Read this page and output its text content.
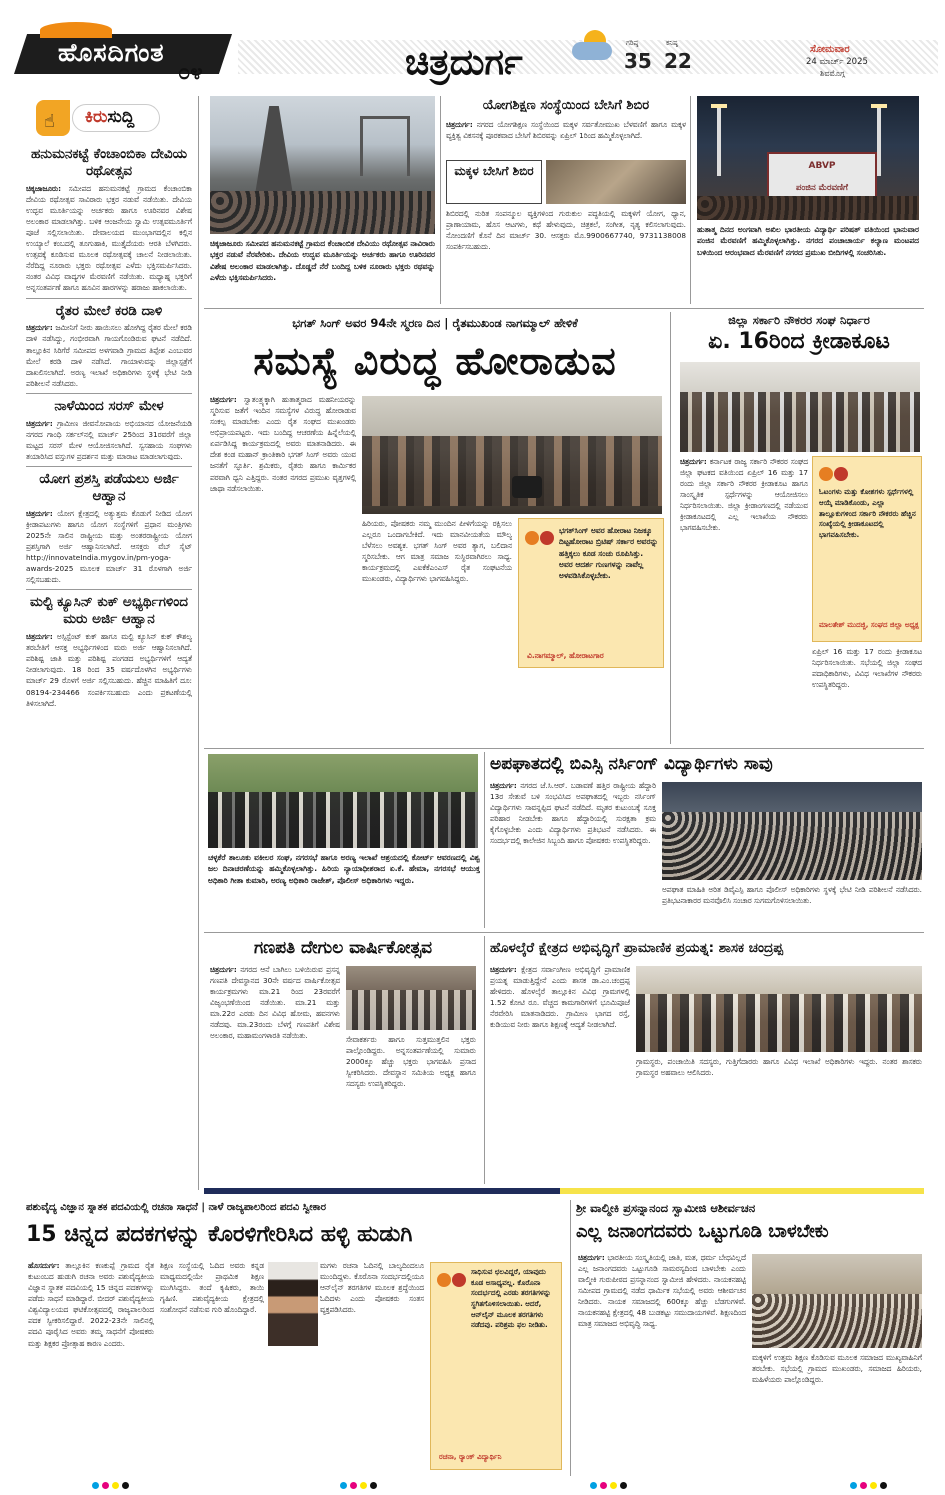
ಹೊಸದಿಗಂತ
೦೪	ಚಿತ್ರದುರ್ಗ	ಗರಿಷ್ಠ
35
ಕನಿಷ್ಠ
22	ಸೋಮವಾರ
24 ಮಾರ್ಚ್ 2025
ಶಿವಮೊಗ್ಗ
☝	ಕಿರುಸುದ್ದಿ
ಹನುಮನಕಟ್ಟೆ ಕೆಂಚಾಂಬಿಕಾ ದೇವಿಯ ರಥೋತ್ಸವ
ಚಿಕ್ಕಜಾಜೂರು: ಸಮೀಪದ ಹನುಮನಕಟ್ಟೆ ಗ್ರಾಮದ ಕೆಂಚಾಂಬಿಕಾ ದೇವಿಯ ರಥೋತ್ಸವ ಸಾವಿರಾರು ಭಕ್ತರ ನಡುವೆ ನಡೆಯಿತು. ದೇವಿಯ ಉದ್ಭವ ಮೂರ್ತಿಯನ್ನು ಅರ್ಚಕರು ಹಾಗೂ ಊರಿನವರ ವಿಶೇಷ ಅಲಂಕಾರ ಮಾಡಲಾಗಿತ್ತು. ಬಳಿಕ ಆಂಜನೇಯ ಸ್ವಾಮಿ ಉತ್ಸವಮೂರ್ತಿಗೆ ಪೂಜೆ ಸಲ್ಲಿಸಲಾಯಿತು. ದೇವಾಲಯದ ಮುಂಭಾಗದಲ್ಲಿನ ಕಲ್ಲಿನ ಉಯ್ಯಾಲೆ ಕಂಬದಲ್ಲಿ ತೂಗುಹಾಕಿ, ಮುತ್ತೈದೆಯರು ಆರತಿ ಬೆಳಗಿದರು. ಉತ್ಸವಕ್ಕೆ ಕೂಡಿಸುವ ಮೂಲಕ ರಥೋತ್ಸವಕ್ಕೆ ಚಾಲನೆ ನೀಡಲಾಯಿತು. ನೆರೆದಿದ್ದ ನೂರಾರು ಭಕ್ತರು ರಥೋತ್ಸವ ಎಳೆದು ಭಕ್ತಿಸಮರ್ಪಿಸಿದರು. ನಂತರ ವಿವಿಧ ವಾದ್ಯಗಳ ಮೆರವಣಿಗೆ ನಡೆಯಿತು. ಮಧ್ಯಾಹ್ನ ಭಕ್ತರಿಗೆ ಅನ್ನಸಂತರ್ಪಣೆ ಹಾಗೂ ಹೂವಿನ ಹಾರಗಳನ್ನು ಹರಾಜು ಹಾಕಲಾಯಿತು.
ರೈತರ ಮೇಲೆ ಕರಡಿ ದಾಳಿ
ಚಿತ್ರದುರ್ಗ: ಜಮೀನಿಗೆ ನೀರು ಹಾಯಿಸಲು ಹೋಗಿದ್ದ ರೈತರ ಮೇಲೆ ಕರಡಿ ದಾಳಿ ನಡೆಸಿದ್ದು, ಗಂಭೀರವಾಗಿ ಗಾಯಗೊಂಡಿರುವ ಘಟನೆ ನಡೆದಿದೆ. ತಾಲ್ಲೂಕಿನ ಸಿರಿಗೆರೆ ಸಮೀಪದ ಅಳಗವಾಡಿ ಗ್ರಾಮದ ತಿಪ್ಪೇಶ ಎಂಬುವರ ಮೇಲೆ ಕರಡಿ ದಾಳಿ ನಡೆಸಿದೆ. ಗಾಯಾಳುವನ್ನು ಜಿಲ್ಲಾಸ್ಪತ್ರೆಗೆ ದಾಖಲಿಸಲಾಗಿದೆ. ಅರಣ್ಯ ಇಲಾಖೆ ಅಧಿಕಾರಿಗಳು ಸ್ಥಳಕ್ಕೆ ಭೇಟಿ ನೀಡಿ ಪರಿಶೀಲನೆ ನಡೆಸಿದರು.
ನಾಳೆಯಿಂದ ಸರಸ್ ಮೇಳ
ಚಿತ್ರದುರ್ಗ: ಗ್ರಾಮೀಣ ಜೀವನೋಪಾಯ ಅಭಿಯಾನದ ಯೋಜನೆಯಡಿ ನಗರದ ಗಾಂಧಿ ಸರ್ಕಲ್‌ನಲ್ಲಿ ಮಾರ್ಚ್ 25ರಿಂದ 31ರವರೆಗೆ ಜಿಲ್ಲಾ ಮಟ್ಟದ ಸರಸ್ ಮೇಳ ಆಯೋಜಿಸಲಾಗಿದೆ. ಸ್ವಸಹಾಯ ಸಂಘಗಳು ತಯಾರಿಸಿದ ವಸ್ತುಗಳ ಪ್ರದರ್ಶನ ಮತ್ತು ಮಾರಾಟ ಮಾಡಲಾಗುವುದು.
ಯೋಗ ಪ್ರಶಸ್ತಿ ಪಡೆಯಲು ಅರ್ಜಿ ಆಹ್ವಾನ
ಚಿತ್ರದುರ್ಗ: ಯೋಗ ಕ್ಷೇತ್ರದಲ್ಲಿ ಅತ್ಯುತ್ತಮ ಕೊಡುಗೆ ನೀಡಿದ ಯೋಗ ಕ್ರೀಡಾಪಟುಗಳು ಹಾಗೂ ಯೋಗ ಸಂಸ್ಥೆಗಳಿಗೆ ಪ್ರಧಾನ ಮಂತ್ರಿಗಳು 2025ನೇ ಸಾಲಿನ ರಾಷ್ಟ್ರೀಯ ಮತ್ತು ಅಂತರರಾಷ್ಟ್ರೀಯ ಯೋಗ ಪ್ರಶಸ್ತಿಗಾಗಿ ಅರ್ಜಿ ಆಹ್ವಾನಿಸಲಾಗಿದೆ. ಆಸಕ್ತರು ವೆಬ್ ಸೈಟ್ http://innovateIndia.mygov.in/pm-yoga-awards-2025 ಮೂಲಕ ಮಾರ್ಚ್ 31 ರೊಳಗಾಗಿ ಅರ್ಜಿ ಸಲ್ಲಿಸಬಹುದು.
ಮಲ್ಟಿ ಕ್ಯೂಸಿನ್ ಕುಕ್ ಅಭ್ಯರ್ಥಿಗಳಿಂದ ಮರು ಅರ್ಜಿ ಆಹ್ವಾನ
ಚಿತ್ರದುರ್ಗ: ಅಸ್ಸಿಸ್ಟೆಂಟ್ ಕುಕ್ ಹಾಗೂ ಮಲ್ಟಿ ಕ್ಯೂಸಿನ್ ಕುಕ್ ಕೌಶಲ್ಯ ತರಬೇತಿಗೆ ಆಸಕ್ತ ಅಭ್ಯರ್ಥಿಗಳಿಂದ ಮರು ಅರ್ಜಿ ಆಹ್ವಾನಿಸಲಾಗಿದೆ. ಪರಿಶಿಷ್ಟ ಜಾತಿ ಮತ್ತು ಪರಿಶಿಷ್ಟ ಪಂಗಡದ ಅಭ್ಯರ್ಥಿಗಳಿಗೆ ಆದ್ಯತೆ ನೀಡಲಾಗುವುದು. 18 ರಿಂದ 35 ವರ್ಷದೊಳಗಿನ ಅಭ್ಯರ್ಥಿಗಳು ಮಾರ್ಚ್ 29 ರೊಳಗೆ ಅರ್ಜಿ ಸಲ್ಲಿಸಬಹುದು. ಹೆಚ್ಚಿನ ಮಾಹಿತಿಗೆ ದೂ: 08194-234466 ಸಂಪರ್ಕಿಸಬಹುದು ಎಂದು ಪ್ರಕಟಣೆಯಲ್ಲಿ ತಿಳಿಸಲಾಗಿದೆ.
ಚಿಕ್ಕಜಾಜೂರು ಸಮೀಪದ ಹನುಮನಕಟ್ಟೆ ಗ್ರಾಮದ ಕೆಂಚಾಂಬಿಕ ದೇವಿಯು ರಥೋತ್ಸವ ನಾವಿರಾರು ಭಕ್ತರ ನಡುವೆ ನೆರವೇರಿತು. ದೇವಿಯ ಉದ್ಭವ ಮೂರ್ತಿಯನ್ನು ಅರ್ಚಕರು ಹಾಗೂ ಊರಿನವರ ವಿಶೇಷ ಅಲಂಕಾರ ಮಾಡಲಾಗಿತ್ತು. ದೊಡ್ಡದೆ ನೆರೆ ಬಂದಿದ್ದ ಬಳಿಕ ನೂರಾರು ಭಕ್ತರು ರಥವನ್ನು ಎಳೆದು ಭಕ್ತಿಸಮರ್ಪಿಸಿದರು.
ಯೋಗಶಿಕ್ಷಣ ಸಂಸ್ಥೆಯಿಂದ ಬೇಸಿಗೆ ಶಿಬಿರ
ಚಿತ್ರದುರ್ಗ: ನಗರದ ಯೋಗಶಿಕ್ಷಣ ಸಂಸ್ಥೆಯಿಂದ ಮಕ್ಕಳ ಸರ್ವತೋಮುಖ ಬೆಳವಣಿಗೆ ಹಾಗೂ ಮಕ್ಕಳ ವ್ಯಕ್ತಿತ್ವ ವಿಕಸನಕ್ಕೆ ಪೂರಕವಾದ ಬೇಸಿಗೆ ಶಿಬಿರವನ್ನು ಏಪ್ರಿಲ್ 1ರಿಂದ ಹಮ್ಮಿಕೊಳ್ಳಲಾಗಿದೆ.
ಮಕ್ಕಳ ಬೇಸಿಗೆ ಶಿಬಿರ
ಶಿಬಿರದಲ್ಲಿ ನುರಿತ ಸಂಪನ್ಮೂಲ ವ್ಯಕ್ತಿಗಳಿಂದ ಗುರುಕುಲ ಪದ್ಧತಿಯಲ್ಲಿ ಮಕ್ಕಳಿಗೆ ಯೋಗ, ಧ್ಯಾನ, ಪ್ರಾಣಾಯಾಮ, ಹೊಸ ಆಟಗಳು, ಕಥೆ ಹೇಳುವುದು, ಚಿತ್ರಕಲೆ, ಸಂಗೀತ, ನೃತ್ಯ ಕಲಿಸಲಾಗುವುದು. ನೋಂದಣಿಗೆ ಕೊನೆ ದಿನ ಮಾರ್ಚ್ 30. ಆಸಕ್ತರು ಮೊ.9900667740, 9731138008 ಸಂಪರ್ಕಿಸಬಹುದು.
ABVP
ಪಂಜಿನ ಮೆರವಣಿಗೆ
ಹುತಾತ್ಮ ದಿನದ ಅಂಗವಾಗಿ ಅಖಿಲ ಭಾರತೀಯ ವಿದ್ಯಾರ್ಥಿ ಪರಿಷತ್ ವತಿಯಿಂದ ಭಾನುವಾರ ಪಂಜಿನ ಮೆರವಣಿಗೆ ಹಮ್ಮಿಕೊಳ್ಳಲಾಗಿತ್ತು. ನಗರದ ಪಂಚಾಚಾರ್ಯ ಕಲ್ಯಾಣ ಮಂಟಪದ ಬಳಿಯಿಂದ ಆರಂಭವಾದ ಮೆರವಣಿಗೆ ನಗರದ ಪ್ರಮುಖ ಬೀದಿಗಳಲ್ಲಿ ಸಂಚರಿಸಿತು.
ಭಗತ್ ಸಿಂಗ್ ಅವರ 94ನೇ ಸ್ಮರಣ ದಿನ | ರೈತಮುಖಂಡ ನಾಗಮ್ಮಾಲ್ ಹೇಳಿಕೆ
ಸಮಸ್ಯೆ ವಿರುದ್ಧ ಹೋರಾಡುವ
ಚಿತ್ರದುರ್ಗ: ಸ್ವಾತಂತ್ರ್ಯಕ್ಕಾಗಿ ಹುತಾತ್ಮರಾದ ಮಹನೀಯರನ್ನು ಸ್ಮರಿಸುವ ಜತೆಗೆ ಇಂದಿನ ಸಮಸ್ಯೆಗಳ ವಿರುದ್ಧ ಹೋರಾಡುವ ಸಂಕಲ್ಪ ಮಾಡಬೇಕು ಎಂದು ರೈತ ಸಂಘದ ಮುಖಂಡರು ಅಭಿಪ್ರಾಯಪಟ್ಟರು. ಇದು ಬಂದಿದ್ದ ಆಚರಣೆಯ ಹಿನ್ನೆಲೆಯಲ್ಲಿ ಏರ್ಪಡಿಸಿದ್ದ ಕಾರ್ಯಕ್ರಮದಲ್ಲಿ ಅವರು ಮಾತನಾಡಿದರು. ಈ ದೇಶ ಕಂಡ ಮಹಾನ್ ಕ್ರಾಂತಿಕಾರಿ ಭಗತ್ ಸಿಂಗ್ ಅವರು ಯುವ ಜನತೆಗೆ ಸ್ಫೂರ್ತಿ. ಶ್ರಮಿಕರು, ರೈತರು ಹಾಗೂ ಕಾರ್ಮಿಕರ ಪರವಾಗಿ ಧ್ವನಿ ಎತ್ತಿದ್ದರು. ನಂತರ ನಗರದ ಪ್ರಮುಖ ವೃತ್ತಗಳಲ್ಲಿ ಜಾಥಾ ನಡೆಸಲಾಯಿತು.
ಹಿರಿಯರು, ಪೋಷಕರು ನಮ್ಮ ಮುಂದಿನ ಪೀಳಿಗೆಯನ್ನು ರಕ್ಷಿಸಲು ಎಲ್ಲರೂ ಒಂದಾಗಬೇಕಿದೆ. ಇದು ಮಾನವೀಯತೆಯ ಮೌಲ್ಯ ಬೆಳೆಸಲು ಅವಶ್ಯಕ. ಭಗತ್ ಸಿಂಗ್ ಅವರ ತ್ಯಾಗ, ಬಲಿದಾನ ಸ್ಮರಿಸಬೇಕು. ಆಗ ಮಾತ್ರ ಸಮಾಜ ಸುಸ್ಥಿರವಾಗಿರಲು ಸಾಧ್ಯ. ಕಾರ್ಯಕ್ರಮದಲ್ಲಿ ಎಐಕೆಕೆಎಂಎಸ್ ರೈತ ಸಂಘಟನೆಯ ಮುಖಂಡರು, ವಿದ್ಯಾರ್ಥಿಗಳು ಭಾಗವಹಿಸಿದ್ದರು.
ಭಗತ್‌ಸಿಂಗ್ ಅವರ ಹೋರಾಟ ನಿಜಕ್ಕೂ ದಿಟ್ಟಹೋರಾಟ ಬ್ರಿಟಿಷ್ ಸರ್ಕಾರ ಅವರನ್ನು ಹತ್ತಿಕ್ಕಲು ಕೂಡ ಸಂಚು ರೂಪಿಸಿತ್ತು. ಅವರ ಆದರ್ಶ ಗುಣಗಳನ್ನು ನಾವೆಲ್ಲ ಅಳವಡಿಸಿಕೊಳ್ಳಬೇಕು.
ವಿ.ನಾಗಮ್ಮಾಲ್, ಹೋರಾಟಗಾರ
ಜಿಲ್ಲಾ ಸರ್ಕಾರಿ ನೌಕರರ ಸಂಘ ನಿರ್ಧಾರ
ಏ. 16ರಿಂದ ಕ್ರೀಡಾಕೂಟ
ಚಿತ್ರದುರ್ಗ: ಕರ್ನಾಟಕ ರಾಜ್ಯ ಸರ್ಕಾರಿ ನೌಕರರ ಸಂಘದ ಜಿಲ್ಲಾ ಘಟಕದ ವತಿಯಿಂದ ಏಪ್ರಿಲ್ 16 ಮತ್ತು 17 ರಂದು ಜಿಲ್ಲಾ ಸರ್ಕಾರಿ ನೌಕರರ ಕ್ರೀಡಾಕೂಟ ಹಾಗೂ ಸಾಂಸ್ಕೃತಿಕ ಸ್ಪರ್ಧೆಗಳನ್ನು ಆಯೋಜಿಸಲು ನಿರ್ಧರಿಸಲಾಯಿತು. ಜಿಲ್ಲಾ ಕ್ರೀಡಾಂಗಣದಲ್ಲಿ ನಡೆಯುವ ಕ್ರೀಡಾಕೂಟದಲ್ಲಿ ಎಲ್ಲ ಇಲಾಖೆಯ ನೌಕರರು ಭಾಗವಹಿಸಬೇಕು.
ಓಟಂಗಳು ಮತ್ತು ಕೋಶಗಳು ಸ್ಪರ್ಧೆಗಳಲ್ಲಿ ಆಯ್ಕೆ ಮಾಡಿಕೊಂಡು, ಎಲ್ಲಾ ತಾಲ್ಲೂಕುಗಳಿಂದ ಸರ್ಕಾರಿ ನೌಕರರು ಹೆಚ್ಚಿನ ಸಂಖ್ಯೆಯಲ್ಲಿ ಕ್ರೀಡಾಕೂಟದಲ್ಲಿ ಭಾಗವಹಿಸಬೇಕು.
ಮಾಲತೇಶ್ ಮುದಜ್ಜಿ, ಸಂಘದ ಜಿಲ್ಲಾ ಅಧ್ಯಕ್ಷ
ಏಪ್ರಿಲ್ 16 ಮತ್ತು 17 ರಂದು ಕ್ರೀಡಾಕೂಟ ನಿರ್ಧರಿಸಲಾಯಿತು. ಸಭೆಯಲ್ಲಿ ಜಿಲ್ಲಾ ಸಂಘದ ಪದಾಧಿಕಾರಿಗಳು, ವಿವಿಧ ಇಲಾಖೆಗಳ ನೌಕರರು ಉಪಸ್ಥಿತರಿದ್ದರು.
ಚಳ್ಳಕೆರೆ ತಾಲೂಕು ವಕೀಲರ ಸಂಘ, ನಗರಸಭೆ ಹಾಗೂ ಅರಣ್ಯ ಇಲಾಖೆ ಆಶ್ರಯದಲ್ಲಿ ಕೋರ್ಟ್ ಆವರಣದಲ್ಲಿ ವಿಶ್ವ ಜಲ ದಿನಾಚರಣೆಯನ್ನು ಹಮ್ಮಿಕೊಳ್ಳಲಾಗಿತ್ತು. ಹಿರಿಯ ನ್ಯಾಯಾಧೀಶರಾದ ಏ.ಕೆ. ಹೇಮಾ, ನಗರಸಭೆ ಆಯುಕ್ತ ಅಧಿಕಾರಿ ಗೀತಾ ಕುಮಾರಿ, ಅರಣ್ಯ ಅಧಿಕಾರಿ ರಾಜೇಶ್, ಪೊಲೀಸ್ ಅಧಿಕಾರಿಗಳು ಇದ್ದರು.
ಅಪಘಾತದಲ್ಲಿ ಬಿಎಸ್ಸಿ ನರ್ಸಿಂಗ್ ವಿದ್ಯಾರ್ಥಿಗಳು ಸಾವು
ಚಿತ್ರದುರ್ಗ: ನಗರದ ಜೆ.ಸಿ.ಆರ್. ಬಡಾವಣೆ ಹತ್ತಿರ ರಾಷ್ಟ್ರೀಯ ಹೆದ್ದಾರಿ 13ರ ಸೇತುವೆ ಬಳಿ ಸಂಭವಿಸಿದ ಅಪಘಾತದಲ್ಲಿ ಇಬ್ಬರು ನರ್ಸಿಂಗ್ ವಿದ್ಯಾರ್ಥಿಗಳು ಸಾವನ್ನಪ್ಪಿದ ಘಟನೆ ನಡೆದಿದೆ. ಮೃತರ ಕುಟುಂಬಕ್ಕೆ ಸೂಕ್ತ ಪರಿಹಾರ ನೀಡಬೇಕು ಹಾಗೂ ಹೆದ್ದಾರಿಯಲ್ಲಿ ಸುರಕ್ಷತಾ ಕ್ರಮ ಕೈಗೊಳ್ಳಬೇಕು ಎಂದು ವಿದ್ಯಾರ್ಥಿಗಳು ಪ್ರತಿಭಟನೆ ನಡೆಸಿದರು. ಈ ಸಂದರ್ಭದಲ್ಲಿ ಕಾಲೇಜಿನ ಸಿಬ್ಬಂದಿ ಹಾಗೂ ಪೋಷಕರು ಉಪಸ್ಥಿತರಿದ್ದರು.
ಅಪಘಾತ ಮಾಹಿತಿ ಅರಿತ ಡಿವೈಎಸ್ಪಿ ಹಾಗೂ ಪೊಲೀಸ್ ಅಧಿಕಾರಿಗಳು ಸ್ಥಳಕ್ಕೆ ಭೇಟಿ ನೀಡಿ ಪರಿಶೀಲನೆ ನಡೆಸಿದರು. ಪ್ರತಿಭಟನಾಕಾರರ ಮನವೊಲಿಸಿ ಸಂಚಾರ ಸುಗಮಗೊಳಿಸಲಾಯಿತು.
ಗಣಪತಿ ದೇಗುಲ ವಾರ್ಷಿಕೋತ್ಸವ
ಚಿತ್ರದುರ್ಗ: ನಗರದ ಆನೆ ಬಾಗಿಲು ಬಳಿಯಿರುವ ಪ್ರಸನ್ನ ಗಣಪತಿ ದೇವಸ್ಥಾನದ 30ನೇ ವರ್ಷದ ವಾರ್ಷಿಕೋತ್ಸವ ಕಾರ್ಯಕ್ರಮಗಳು ಮಾ.21 ರಿಂದ 23ರವರೆಗೆ ವಿಜೃಂಭಣೆಯಿಂದ ನಡೆಯಿತು. ಮಾ.21 ಮತ್ತು ಮಾ.22ರ ಎರಡು ದಿನ ವಿವಿಧ ಹೋಮ, ಹವನಗಳು ನಡೆದವು. ಮಾ.23ರಂದು ಬೆಳಗ್ಗೆ ಗಣಪತಿಗೆ ವಿಶೇಷ ಅಲಂಕಾರ, ಮಹಾಮಂಗಳಾರತಿ ನಡೆಯಿತು.	ಸೇವಾಕರ್ತರು ಹಾಗೂ ಸುತ್ತಮುತ್ತಲಿನ ಭಕ್ತರು ಪಾಲ್ಗೊಂಡಿದ್ದರು. ಅನ್ನಸಂತರ್ಪಣೆಯಲ್ಲಿ ಸುಮಾರು 2000ಕ್ಕೂ ಹೆಚ್ಚು ಭಕ್ತರು ಭಾಗವಹಿಸಿ ಪ್ರಸಾದ ಸ್ವೀಕರಿಸಿದರು. ದೇವಸ್ಥಾನ ಸಮಿತಿಯ ಅಧ್ಯಕ್ಷ ಹಾಗೂ ಸದಸ್ಯರು ಉಪಸ್ಥಿತರಿದ್ದರು.
ಹೊಳಲ್ಕೆರೆ ಕ್ಷೇತ್ರದ ಅಭಿವೃದ್ಧಿಗೆ ಪ್ರಾಮಾಣಿಕ ಪ್ರಯತ್ನ: ಶಾಸಕ ಚಂದ್ರಪ್ಪ
ಚಿತ್ರದುರ್ಗ: ಕ್ಷೇತ್ರದ ಸರ್ವಾಂಗೀಣ ಅಭಿವೃದ್ಧಿಗೆ ಪ್ರಾಮಾಣಿಕ ಪ್ರಯತ್ನ ಮಾಡುತ್ತಿದ್ದೇನೆ ಎಂದು ಶಾಸಕ ಡಾ.ಎಂ.ಚಂದ್ರಪ್ಪ ಹೇಳಿದರು. ಹೊಳಲ್ಕೆರೆ ತಾಲ್ಲೂಕಿನ ವಿವಿಧ ಗ್ರಾಮಗಳಲ್ಲಿ 1.52 ಕೋಟಿ ರೂ. ವೆಚ್ಚದ ಕಾಮಗಾರಿಗಳಿಗೆ ಭೂಮಿಪೂಜೆ ನೆರವೇರಿಸಿ ಮಾತನಾಡಿದರು. ಗ್ರಾಮೀಣ ಭಾಗದ ರಸ್ತೆ, ಕುಡಿಯುವ ನೀರು ಹಾಗೂ ಶಿಕ್ಷಣಕ್ಕೆ ಆದ್ಯತೆ ನೀಡಲಾಗಿದೆ.
ಗ್ರಾಮಸ್ಥರು, ಪಂಚಾಯಿತಿ ಸದಸ್ಯರು, ಗುತ್ತಿಗೆದಾರರು ಹಾಗೂ ವಿವಿಧ ಇಲಾಖೆ ಅಧಿಕಾರಿಗಳು ಇದ್ದರು. ನಂತರ ಶಾಸಕರು ಗ್ರಾಮಸ್ಥರ ಅಹವಾಲು ಆಲಿಸಿದರು.
ಪಶುವೈದ್ಯ ವಿಜ್ಞಾನ ಸ್ನಾತಕ ಪದವಿಯಲ್ಲಿ ರಚನಾ ಸಾಧನೆ | ನಾಳೆ ರಾಜ್ಯಪಾಲರಿಂದ ಪದವಿ ಸ್ವೀಕಾರ
15 ಚಿನ್ನದ ಪದಕಗಳನ್ನು ಕೊರಳಿಗೇರಿಸಿದ ಹಳ್ಳಿ ಹುಡುಗಿ
ಹೊಸದುರ್ಗ: ತಾಲ್ಲೂಕಿನ ಕಣಕುಪ್ಪೆ ಗ್ರಾಮದ ರೈತ ಕುಟುಂಬದ ಹುಡುಗಿ ರಚನಾ ಅವರು ಪಶುವೈದ್ಯಕೀಯ ವಿಜ್ಞಾನ ಸ್ನಾತಕ ಪದವಿಯಲ್ಲಿ 15 ಚಿನ್ನದ ಪದಕಗಳನ್ನು ಪಡೆದು ಸಾಧನೆ ಮಾಡಿದ್ದಾರೆ. ಬೀದರ್ ಪಶುವೈದ್ಯಕೀಯ ವಿಶ್ವವಿದ್ಯಾಲಯದ ಘಟಿಕೋತ್ಸವದಲ್ಲಿ ರಾಜ್ಯಪಾಲರಿಂದ ಪದಕ ಸ್ವೀಕರಿಸಲಿದ್ದಾರೆ. 2022-23ನೇ ಸಾಲಿನಲ್ಲಿ ಪದವಿ ಪೂರೈಸಿದ ಅವರು ತಮ್ಮ ಸಾಧನೆಗೆ ಪೋಷಕರು ಮತ್ತು ಶಿಕ್ಷಕರ ಪ್ರೋತ್ಸಾಹ ಕಾರಣ ಎಂದರು.
ಶಿಕ್ಷಣ ಸಂಸ್ಥೆಯಲ್ಲಿ ಓದಿದ ಅವರು ಕನ್ನಡ ಮಾಧ್ಯಮದಲ್ಲಿಯೇ ಪ್ರಾಥಮಿಕ ಶಿಕ್ಷಣ ಮುಗಿಸಿದ್ದರು. ತಂದೆ ಕೃಷಿಕರು, ತಾಯಿ ಗೃಹಿಣಿ. ಪಶುವೈದ್ಯಕೀಯ ಕ್ಷೇತ್ರದಲ್ಲಿ ಸಂಶೋಧನೆ ನಡೆಸುವ ಗುರಿ ಹೊಂದಿದ್ದಾರೆ.
ಮಗಳು ರಚನಾ ಓದಿನಲ್ಲಿ ಬಾಲ್ಯದಿಂದಲೂ ಮುಂದಿದ್ದಳು. ಕೊರೊನಾ ಸಂದರ್ಭದಲ್ಲಿಯೂ ಆನ್‌ಲೈನ್ ತರಗತಿಗಳ ಮೂಲಕ ಶ್ರದ್ಧೆಯಿಂದ ಓದಿದಳು ಎಂದು ಪೋಷಕರು ಸಂತಸ ವ್ಯಕ್ತಪಡಿಸಿದರು.
ಸಾಧಿಸುವ ಛಲವಿದ್ದರೆ, ಯಾವುದು ಕೂಡ ಅಸಾಧ್ಯವಲ್ಲ. ಕೊರೊನಾ ಸಂದರ್ಭದಲ್ಲಿ ಎರಡು ತರಗತಿಗಳನ್ನು ಸ್ಥಗಿತಗೊಳಿಸಲಾಯಿತು. ಆದರೆ, ಆನ್‌ಲೈನ್ ಮೂಲಕ ತರಗತಿಗಳು ನಡೆದವು. ಪರಿಶ್ರಮ ಫಲ ನೀಡಿತು.
ರಚನಾ, ರ್‍ಯಾಂಕ್ ವಿದ್ಯಾರ್ಥಿನಿ
ಶ್ರೀ ವಾಲ್ಮೀಕಿ ಪ್ರಸನ್ನಾನಂದ ಸ್ವಾಮೀಜಿ ಆಶೀರ್ವಚನ
ಎಲ್ಲ ಜನಾಂಗದವರು ಒಟ್ಟುಗೂಡಿ ಬಾಳಬೇಕು
ಚಿತ್ರದುರ್ಗ: ಭಾರತೀಯ ಸಂಸ್ಕೃತಿಯಲ್ಲಿ ಜಾತಿ, ಮತ, ಧರ್ಮ ಬೇಧವಿಲ್ಲದೆ ಎಲ್ಲ ಜನಾಂಗದವರು ಒಟ್ಟುಗೂಡಿ ಸಾಮರಸ್ಯದಿಂದ ಬಾಳಬೇಕು ಎಂದು ವಾಲ್ಮೀಕಿ ಗುರುಪೀಠದ ಪ್ರಸನ್ನಾನಂದ ಸ್ವಾಮೀಜಿ ಹೇಳಿದರು. ನಾಯಕನಹಟ್ಟಿ ಸಮೀಪದ ಗ್ರಾಮದಲ್ಲಿ ನಡೆದ ಧಾರ್ಮಿಕ ಸಭೆಯಲ್ಲಿ ಅವರು ಆಶೀರ್ವಚನ ನೀಡಿದರು. ನಾಯಕ ಸಮಾಜದಲ್ಲಿ 600ಕ್ಕೂ ಹೆಚ್ಚು ಬೆಡಗುಗಳಿವೆ. ನಾಯಕನಹಟ್ಟಿ ಕ್ಷೇತ್ರದಲ್ಲಿ 48 ಬುಡಕಟ್ಟು ಸಮುದಾಯಗಳಿವೆ. ಶಿಕ್ಷಣದಿಂದ ಮಾತ್ರ ಸಮಾಜದ ಅಭಿವೃದ್ಧಿ ಸಾಧ್ಯ.
ಮಕ್ಕಳಿಗೆ ಉತ್ತಮ ಶಿಕ್ಷಣ ಕೊಡಿಸುವ ಮೂಲಕ ಸಮಾಜದ ಮುಖ್ಯವಾಹಿನಿಗೆ ತರಬೇಕು. ಸಭೆಯಲ್ಲಿ ಗ್ರಾಮದ ಮುಖಂಡರು, ಸಮಾಜದ ಹಿರಿಯರು, ಮಹಿಳೆಯರು ಪಾಲ್ಗೊಂಡಿದ್ದರು.
